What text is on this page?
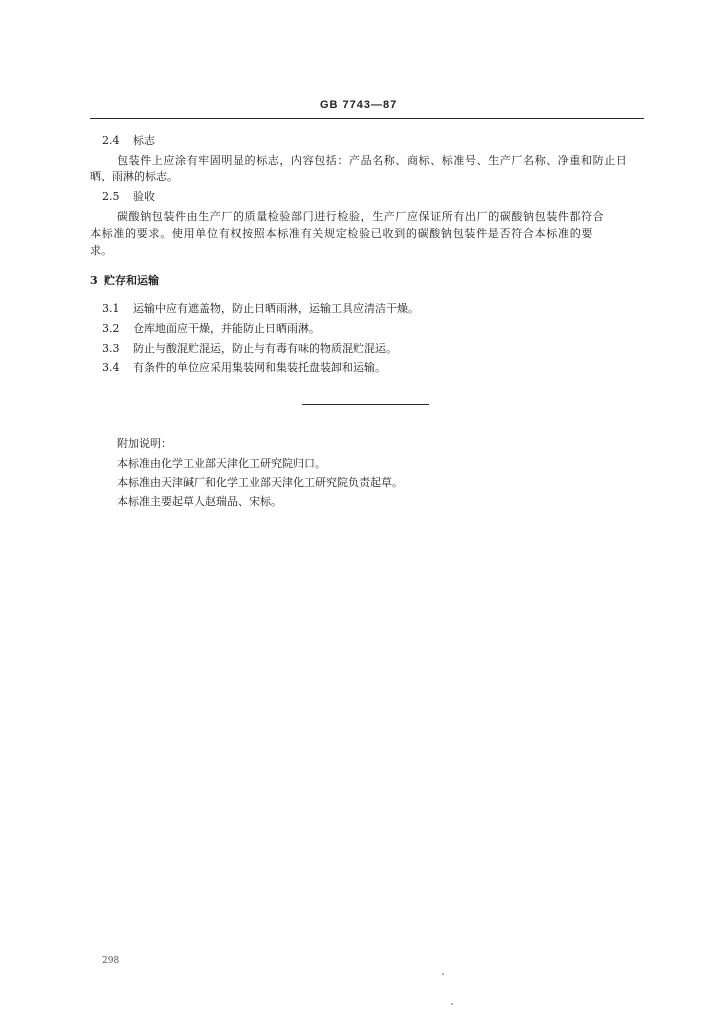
GB 7743—87
2.4 标志
包装件上应涂有牢固明显的标志，内容包括：产品名称、商标、标准号、生产厂名称、净重和防止日
晒、雨淋的标志。
2.5 验收
碳酸钠包装件由生产厂的质量检验部门进行检验，生产厂应保证所有出厂的碳酸钠包装件都符合
本标准的要求。使用单位有权按照本标准有关规定检验已收到的碳酸钠包装件是否符合本标准的要
求。
3 贮存和运输
3.1 运输中应有遮盖物，防止日晒雨淋，运输工具应清洁干燥。
3.2 仓库地面应干燥，并能防止日晒雨淋。
3.3 防止与酸混贮混运，防止与有毒有味的物质混贮混运。
3.4 有条件的单位应采用集装网和集装托盘装卸和运输。
附加说明：
本标准由化学工业部天津化工研究院归口。
本标准由天津碱厂和化学工业部天津化工研究院负责起草。
本标准主要起草人赵瑞品、宋标。
298
